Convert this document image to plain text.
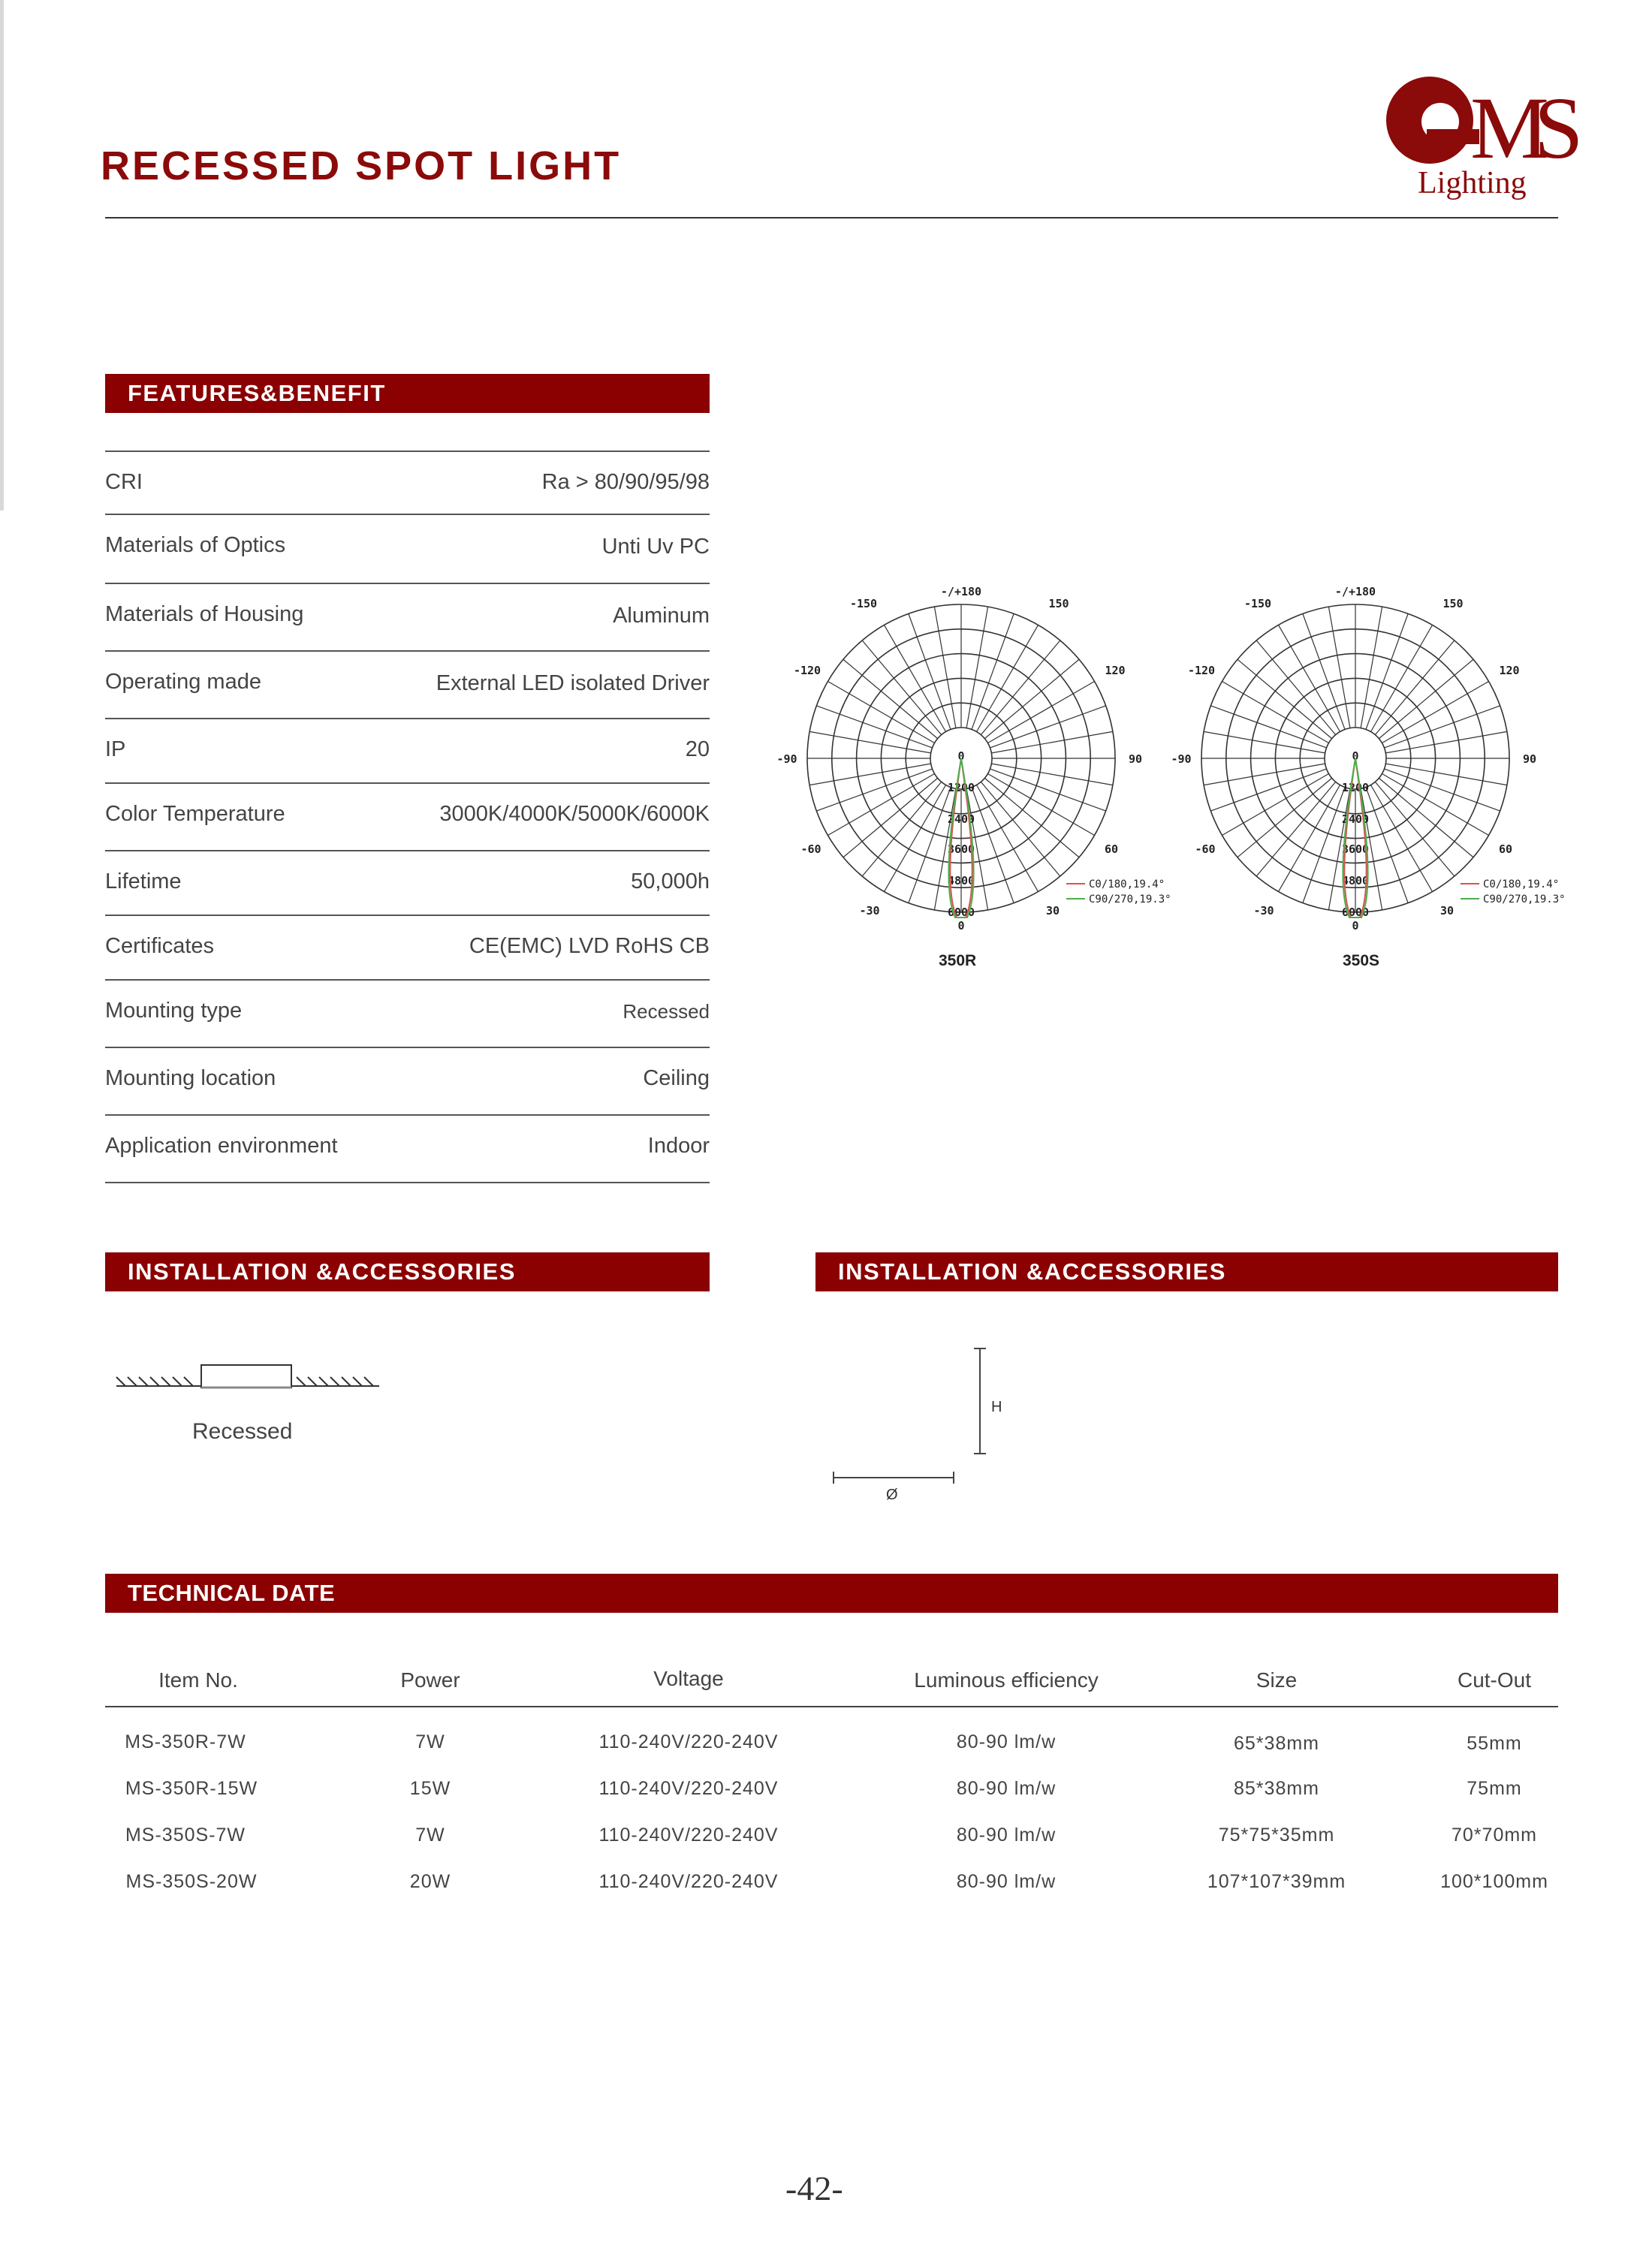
RECESSED SPOT LIGHT	MS
Lighting
FEATURES&BENEFIT
CRI	Ra > 80/90/95/98
Materials of Optics	Unti Uv PC
Materials of Housing	Aluminum
Operating made	External LED isolated Driver
IP	20
Color Temperature	3000K/4000K/5000K/6000K
Lifetime	50,000h
Certificates	CE(EMC) LVD RoHS CB
Mounting type	Recessed
Mounting location	Ceiling
Application environment	Indoor
-/+180
-150	150
-120	120
-90	90
-60	60
-30	30
0
1200
2400
3600
4800
6000
0
C0/180,19.4°
C90/270,19.3°
-/+180
-150	150
-120	120
-90	90
-60	60
-30	30
0
1200
2400
3600
4800
6000
0
C0/180,19.4°
C90/270,19.3°
350R	350S
INSTALLATION &ACCESSORIES	INSTALLATION &ACCESSORIES
Recessed
H
Ø
TECHNICAL DATE
Item No.	Power	Voltage	Luminous efficiency	Size	Cut-Out
MS-350R-7W	7W	110-240V/220-240V	80-90 lm/w	65*38mm	55mm
MS-350R-15W	15W	110-240V/220-240V	80-90 lm/w	85*38mm	75mm
MS-350S-7W	7W	110-240V/220-240V	80-90 lm/w	75*75*35mm	70*70mm
MS-350S-20W	20W	110-240V/220-240V	80-90 lm/w	107*107*39mm	100*100mm
-42-
